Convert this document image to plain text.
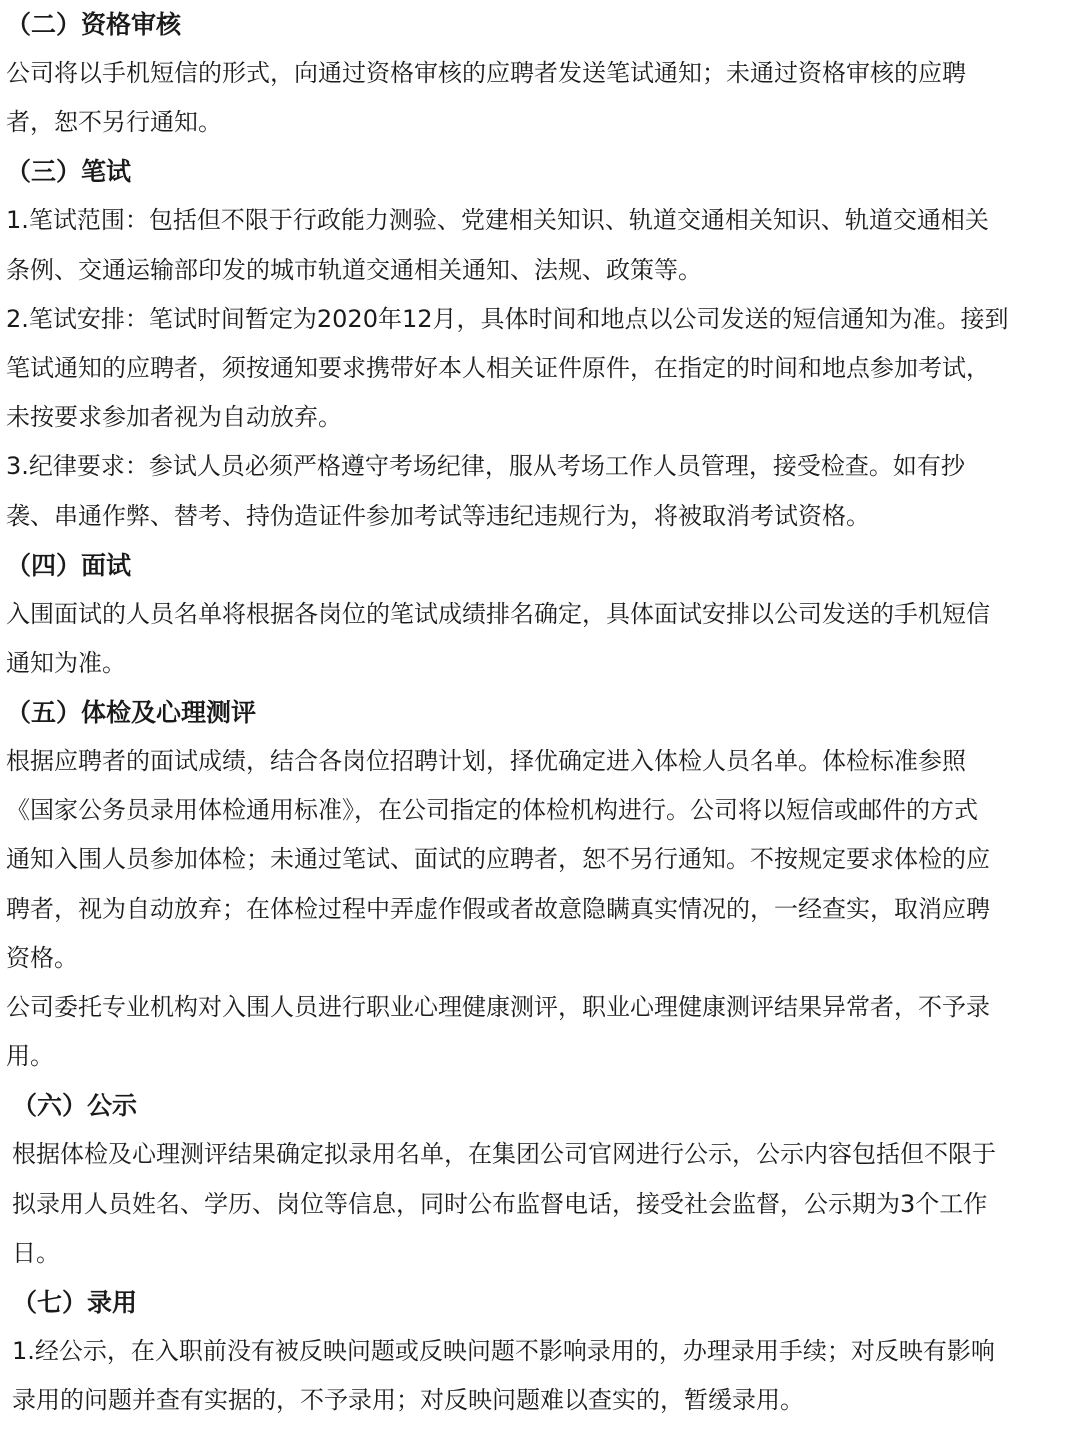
（二）资格审核

公司将以手机短信的形式，向通过资格审核的应聘者发送笔试通知；未通过资格审核的应聘
者，恕不另行通知。

（三）笔试

1.笔试范围：包括但不限于行政能力测验、党建相关知识、轨道交通相关知识、轨道交通相关
条例、交通运输部印发的城市轨道交通相关通知、法规、政策等。

2.笔试安排：笔试时间暂定为2020年12月，具体时间和地点以公司发送的短信通知为准。接到
笔试通知的应聘者，须按通知要求携带好本人相关证件原件，在指定的时间和地点参加考试，
未按要求参加者视为自动放弃。

3.纪律要求：参试人员必须严格遵守考场纪律，服从考场工作人员管理，接受检查。如有抄
袭、串通作弊、替考、持伪造证件参加考试等违纪违规行为，将被取消考试资格。

（四）面试

入围面试的人员名单将根据各岗位的笔试成绩排名确定，具体面试安排以公司发送的手机短信
通知为准。

（五）体检及心理测评

根据应聘者的面试成绩，结合各岗位招聘计划，择优确定进入体检人员名单。体检标准参照
《国家公务员录用体检通用标准》，在公司指定的体检机构进行。公司将以短信或邮件的方式
通知入围人员参加体检；未通过笔试、面试的应聘者，恕不另行通知。不按规定要求体检的应
聘者，视为自动放弃；在体检过程中弄虚作假或者故意隐瞒真实情况的，一经查实，取消应聘
资格。

公司委托专业机构对入围人员进行职业心理健康测评，职业心理健康测评结果异常者，不予录
用。

（六）公示

根据体检及心理测评结果确定拟录用名单，在集团公司官网进行公示，公示内容包括但不限于
拟录用人员姓名、学历、岗位等信息，同时公布监督电话，接受社会监督，公示期为3个工作
日。

（七）录用

1.经公示，在入职前没有被反映问题或反映问题不影响录用的，办理录用手续；对反映有影响
录用的问题并查有实据的，不予录用；对反映问题难以查实的，暂缓录用。
